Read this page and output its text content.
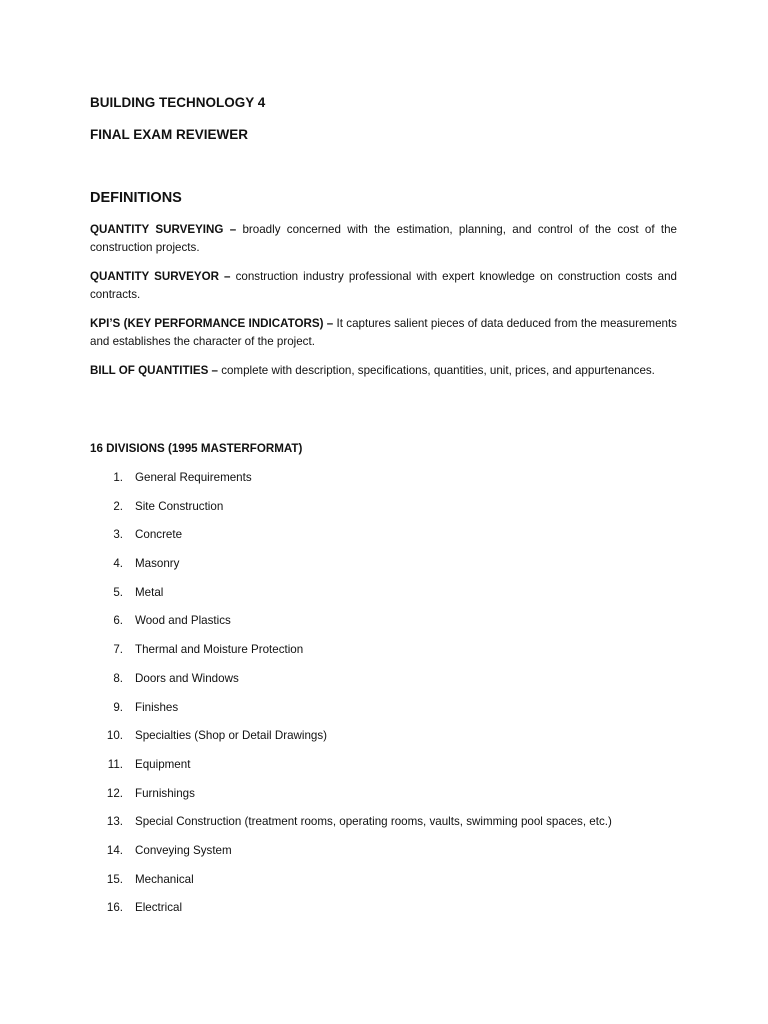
BUILDING TECHNOLOGY 4
FINAL EXAM REVIEWER
DEFINITIONS
QUANTITY SURVEYING – broadly concerned with the estimation, planning, and control of the cost of the construction projects.
QUANTITY SURVEYOR – construction industry professional with expert knowledge on construction costs and contracts.
KPI’S (KEY PERFORMANCE INDICATORS) – It captures salient pieces of data deduced from the measurements and establishes the character of the project.
BILL OF QUANTITIES – complete with description, specifications, quantities, unit, prices, and appurtenances.
16 DIVISIONS (1995 MASTERFORMAT)
1. General Requirements
2. Site Construction
3. Concrete
4. Masonry
5. Metal
6. Wood and Plastics
7. Thermal and Moisture Protection
8. Doors and Windows
9. Finishes
10. Specialties (Shop or Detail Drawings)
11. Equipment
12. Furnishings
13. Special Construction (treatment rooms, operating rooms, vaults, swimming pool spaces, etc.)
14. Conveying System
15. Mechanical
16. Electrical
